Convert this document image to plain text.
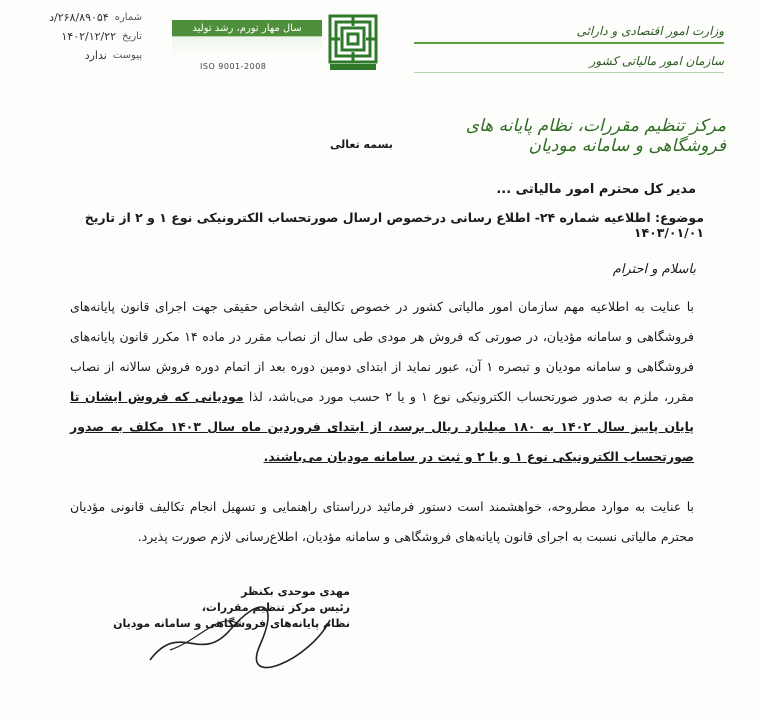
شماره
۲۶۸/۸۹۰۵۴/د
تاریخ
۱۴۰۲/۱۲/۲۲
پیوست
ندارد
سال مهار تورم، رشد تولید
ISO 9001-2008
وزارت امور اقتصادی و دارائی
سازمان امور مالیاتی کشور
مرکز تنظیم مقررات، نظام پایانه های فروشگاهی و سامانه مودیان
بسمه تعالی
مدیر کل محترم امور مالیاتی ...
موضوع: اطلاعیه شماره ۲۴- اطلاع رسانی درخصوص ارسال صورتحساب الکترونیکی نوع ۱ و ۲ از تاریخ ۱۴۰۳/۰۱/۰۱
باسلام و احترام
با عنایت به اطلاعیه مهم سازمان امور مالیاتی کشور در خصوص تکالیف اشخاص حقیقی جهت اجرای قانون پایانه‌های فروشگاهی و سامانه مؤدیان، در صورتی که فروش هر مودی طی سال از نصاب مقرر در ماده ۱۴ مکرر قانون پایانه‌های فروشگاهی و سامانه مودیان و تبصره ۱ آن، عبور نماید از ابتدای دومین دوره بعد از اتمام دوره فروش سالانه از نصاب مقرر، ملزم به صدور صورتحساب الکترونیکی نوع ۱ و یا ۲ حسب مورد می‌باشد، لذا مودیانی که فروش ایشان تا پایان پاییز سال ۱۴۰۲ به ۱۸۰ میلیارد ریال برسد، از ابتدای فروردین ماه سال ۱۴۰۳ مکلف به صدور صورتحساب الکترونیکی نوع ۱ و یا ۲ و ثبت در سامانه مودیان می‌باشند.
با عنایت به موارد مطروحه، خواهشمند است دستور فرمائید درراستای راهنمایی و تسهیل انجام تکالیف قانونی مؤدیان محترم مالیاتی نسبت به اجرای قانون پایانه‌های فروشگاهی و سامانه مؤدیان، اطلاع‌رسانی لازم صورت پذیرد.
مهدی موحدی بکنظر
رئیس مرکز تنظیم مقررات،
نظام پایانه‌های فروشگاهی و سامانه مودیان
